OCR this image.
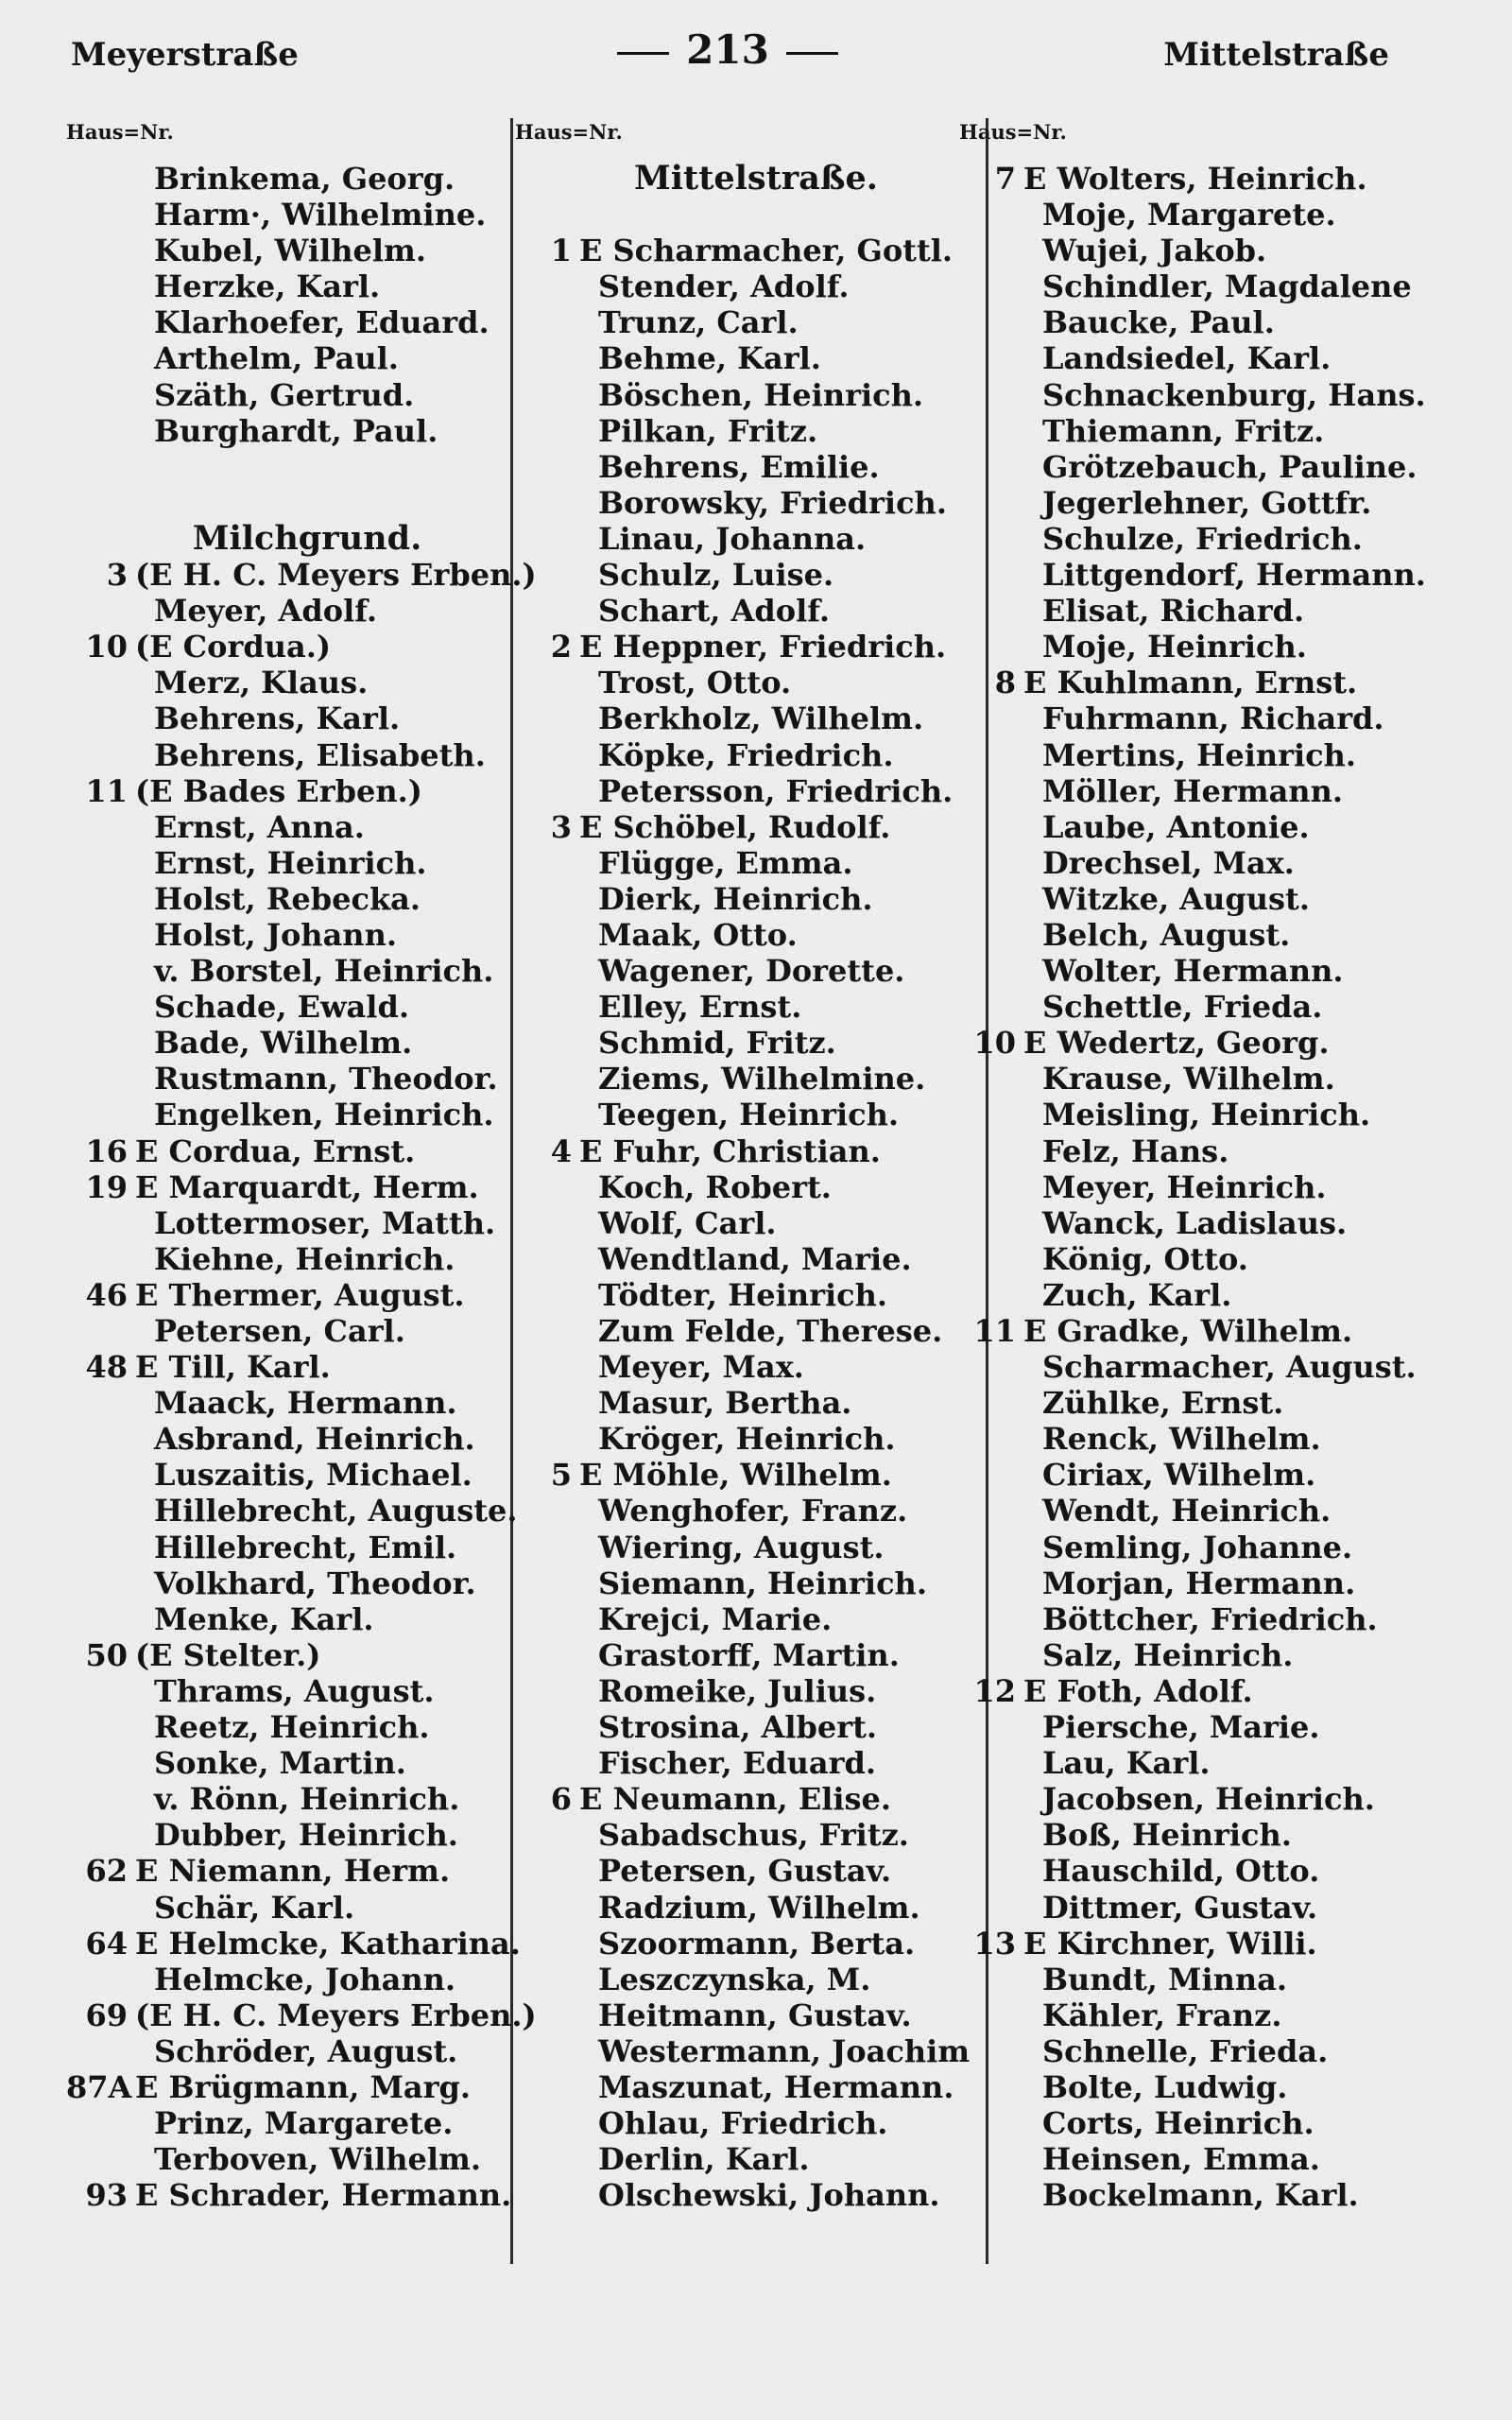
Meyerstraße	213	Mittelstraße
Haus=Nr.
Brinkema, Georg.
Harm·, Wilhelmine.
Kubel, Wilhelm.
Herzke, Karl.
Klarhoefer, Eduard.
Arthelm, Paul.
Szäth, Gertrud.
Burghardt, Paul.
Milchgrund.
3 (E H. C. Meyers Erben.)
Meyer, Adolf.
10 (E Cordua.)
Merz, Klaus.
Behrens, Karl.
Behrens, Elisabeth.
11 (E Bades Erben.)
Ernst, Anna.
Ernst, Heinrich.
Holst, Rebecka.
Holst, Johann.
v. Borstel, Heinrich.
Schade, Ewald.
Bade, Wilhelm.
Rustmann, Theodor.
Engelken, Heinrich.
16 E Cordua, Ernst.
19 E Marquardt, Herm.
Lottermoser, Matth.
Kiehne, Heinrich.
46 E Thermer, August.
Petersen, Carl.
48 E Till, Karl.
Maack, Hermann.
Asbrand, Heinrich.
Luszaitis, Michael.
Hillebrecht, Auguste.
Hillebrecht, Emil.
Volkhard, Theodor.
Menke, Karl.
50 (E Stelter.)
Thrams, August.
Reetz, Heinrich.
Sonke, Martin.
v. Rönn, Heinrich.
Dubber, Heinrich.
62 E Niemann, Herm.
Schär, Karl.
64 E Helmcke, Katharina.
Helmcke, Johann.
69 (E H. C. Meyers Erben.)
Schröder, August.
87A E Brügmann, Marg.
Prinz, Margarete.
Terboven, Wilhelm.
93 E Schrader, Hermann.
Haus=Nr.
Mittelstraße.
1 E Scharmacher, Gottl.
Stender, Adolf.
Trunz, Carl.
Behme, Karl.
Böschen, Heinrich.
Pilkan, Fritz.
Behrens, Emilie.
Borowsky, Friedrich.
Linau, Johanna.
Schulz, Luise.
Schart, Adolf.
2 E Heppner, Friedrich.
Trost, Otto.
Berkholz, Wilhelm.
Köpke, Friedrich.
Petersson, Friedrich.
3 E Schöbel, Rudolf.
Flügge, Emma.
Dierk, Heinrich.
Maak, Otto.
Wagener, Dorette.
Elley, Ernst.
Schmid, Fritz.
Ziems, Wilhelmine.
Teegen, Heinrich.
4 E Fuhr, Christian.
Koch, Robert.
Wolf, Carl.
Wendtland, Marie.
Tödter, Heinrich.
Zum Felde, Therese.
Meyer, Max.
Masur, Bertha.
Kröger, Heinrich.
5 E Möhle, Wilhelm.
Wenghofer, Franz.
Wiering, August.
Siemann, Heinrich.
Krejci, Marie.
Grastorff, Martin.
Romeike, Julius.
Strosina, Albert.
Fischer, Eduard.
6 E Neumann, Elise.
Sabadschus, Fritz.
Petersen, Gustav.
Radzium, Wilhelm.
Szoormann, Berta.
Leszczynska, M.
Heitmann, Gustav.
Westermann, Joachim
Maszunat, Hermann.
Ohlau, Friedrich.
Derlin, Karl.
Olschewski, Johann.
Haus=Nr.
7 E Wolters, Heinrich.
Moje, Margarete.
Wujei, Jakob.
Schindler, Magdalene
Baucke, Paul.
Landsiedel, Karl.
Schnackenburg, Hans.
Thiemann, Fritz.
Grötzebauch, Pauline.
Jegerlehner, Gottfr.
Schulze, Friedrich.
Littgendorf, Hermann.
Elisat, Richard.
Moje, Heinrich.
8 E Kuhlmann, Ernst.
Fuhrmann, Richard.
Mertins, Heinrich.
Möller, Hermann.
Laube, Antonie.
Drechsel, Max.
Witzke, August.
Belch, August.
Wolter, Hermann.
Schettle, Frieda.
10 E Wedertz, Georg.
Krause, Wilhelm.
Meisling, Heinrich.
Felz, Hans.
Meyer, Heinrich.
Wanck, Ladislaus.
König, Otto.
Zuch, Karl.
11 E Gradke, Wilhelm.
Scharmacher, August.
Zühlke, Ernst.
Renck, Wilhelm.
Ciriax, Wilhelm.
Wendt, Heinrich.
Semling, Johanne.
Morjan, Hermann.
Böttcher, Friedrich.
Salz, Heinrich.
12 E Foth, Adolf.
Piersche, Marie.
Lau, Karl.
Jacobsen, Heinrich.
Boß, Heinrich.
Hauschild, Otto.
Dittmer, Gustav.
13 E Kirchner, Willi.
Bundt, Minna.
Kähler, Franz.
Schnelle, Frieda.
Bolte, Ludwig.
Corts, Heinrich.
Heinsen, Emma.
Bockelmann, Karl.
